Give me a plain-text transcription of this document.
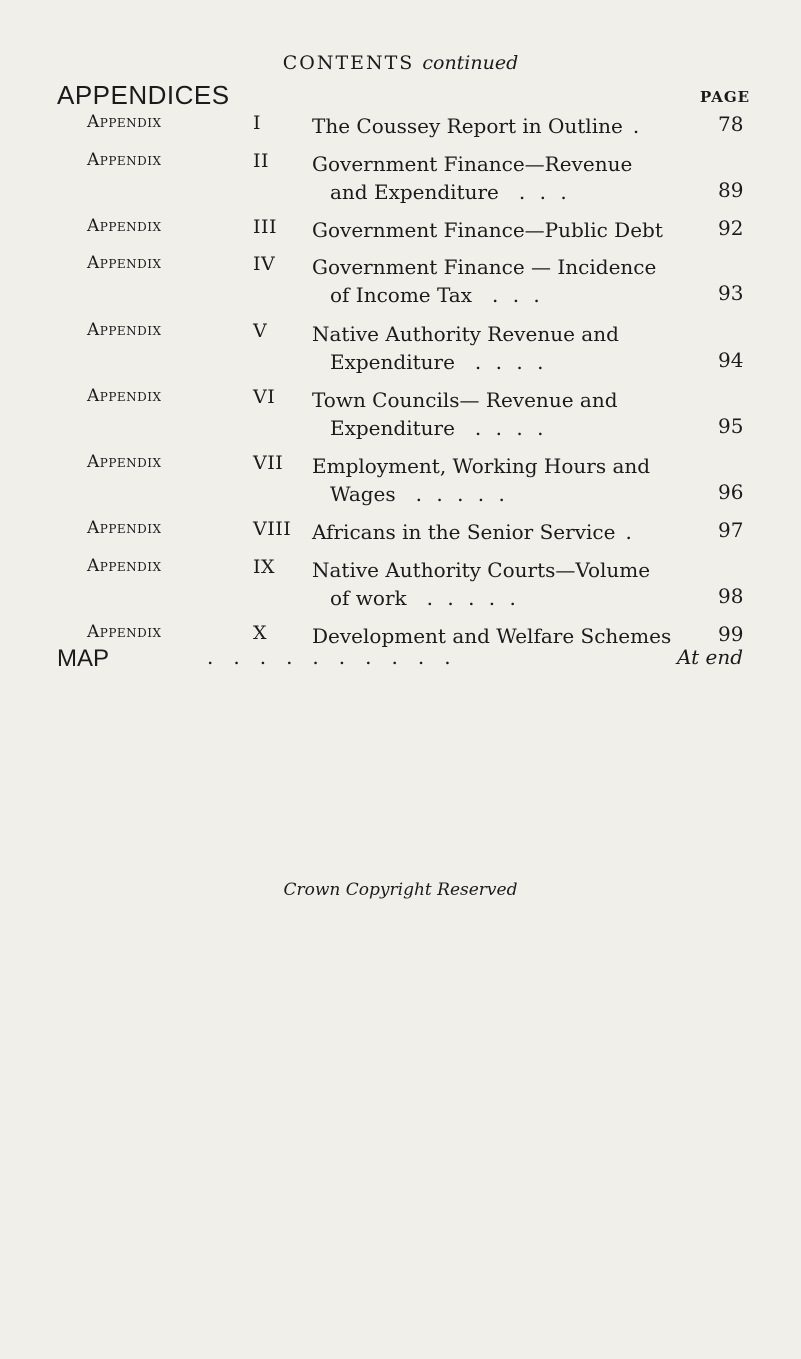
CONTENTS continued
APPENDICES	PAGE
Appendix	I	The Coussey Report in Outline  .	78
Appendix	II Government Finance—Revenue
and Expenditure  . . .	89
Appendix	III Government Finance—Public Debt	92
Appendix	IV Government Finance — Incidence
of Income Tax  . . .	93
Appendix	V Native Authority Revenue and
Expenditure  . . . .	94
Appendix	VI Town Councils— Revenue and
Expenditure  . . . .	95
Appendix	VII Employment, Working Hours and
Wages  . . . . .	96
Appendix	VIII Africans in the Senior Service  .	97
Appendix	IX Native Authority Courts—Volume
of work  . . . . .	98
Appendix	X Development and Welfare Schemes	99
MAP	..........	At end
Crown Copyright Reserved
